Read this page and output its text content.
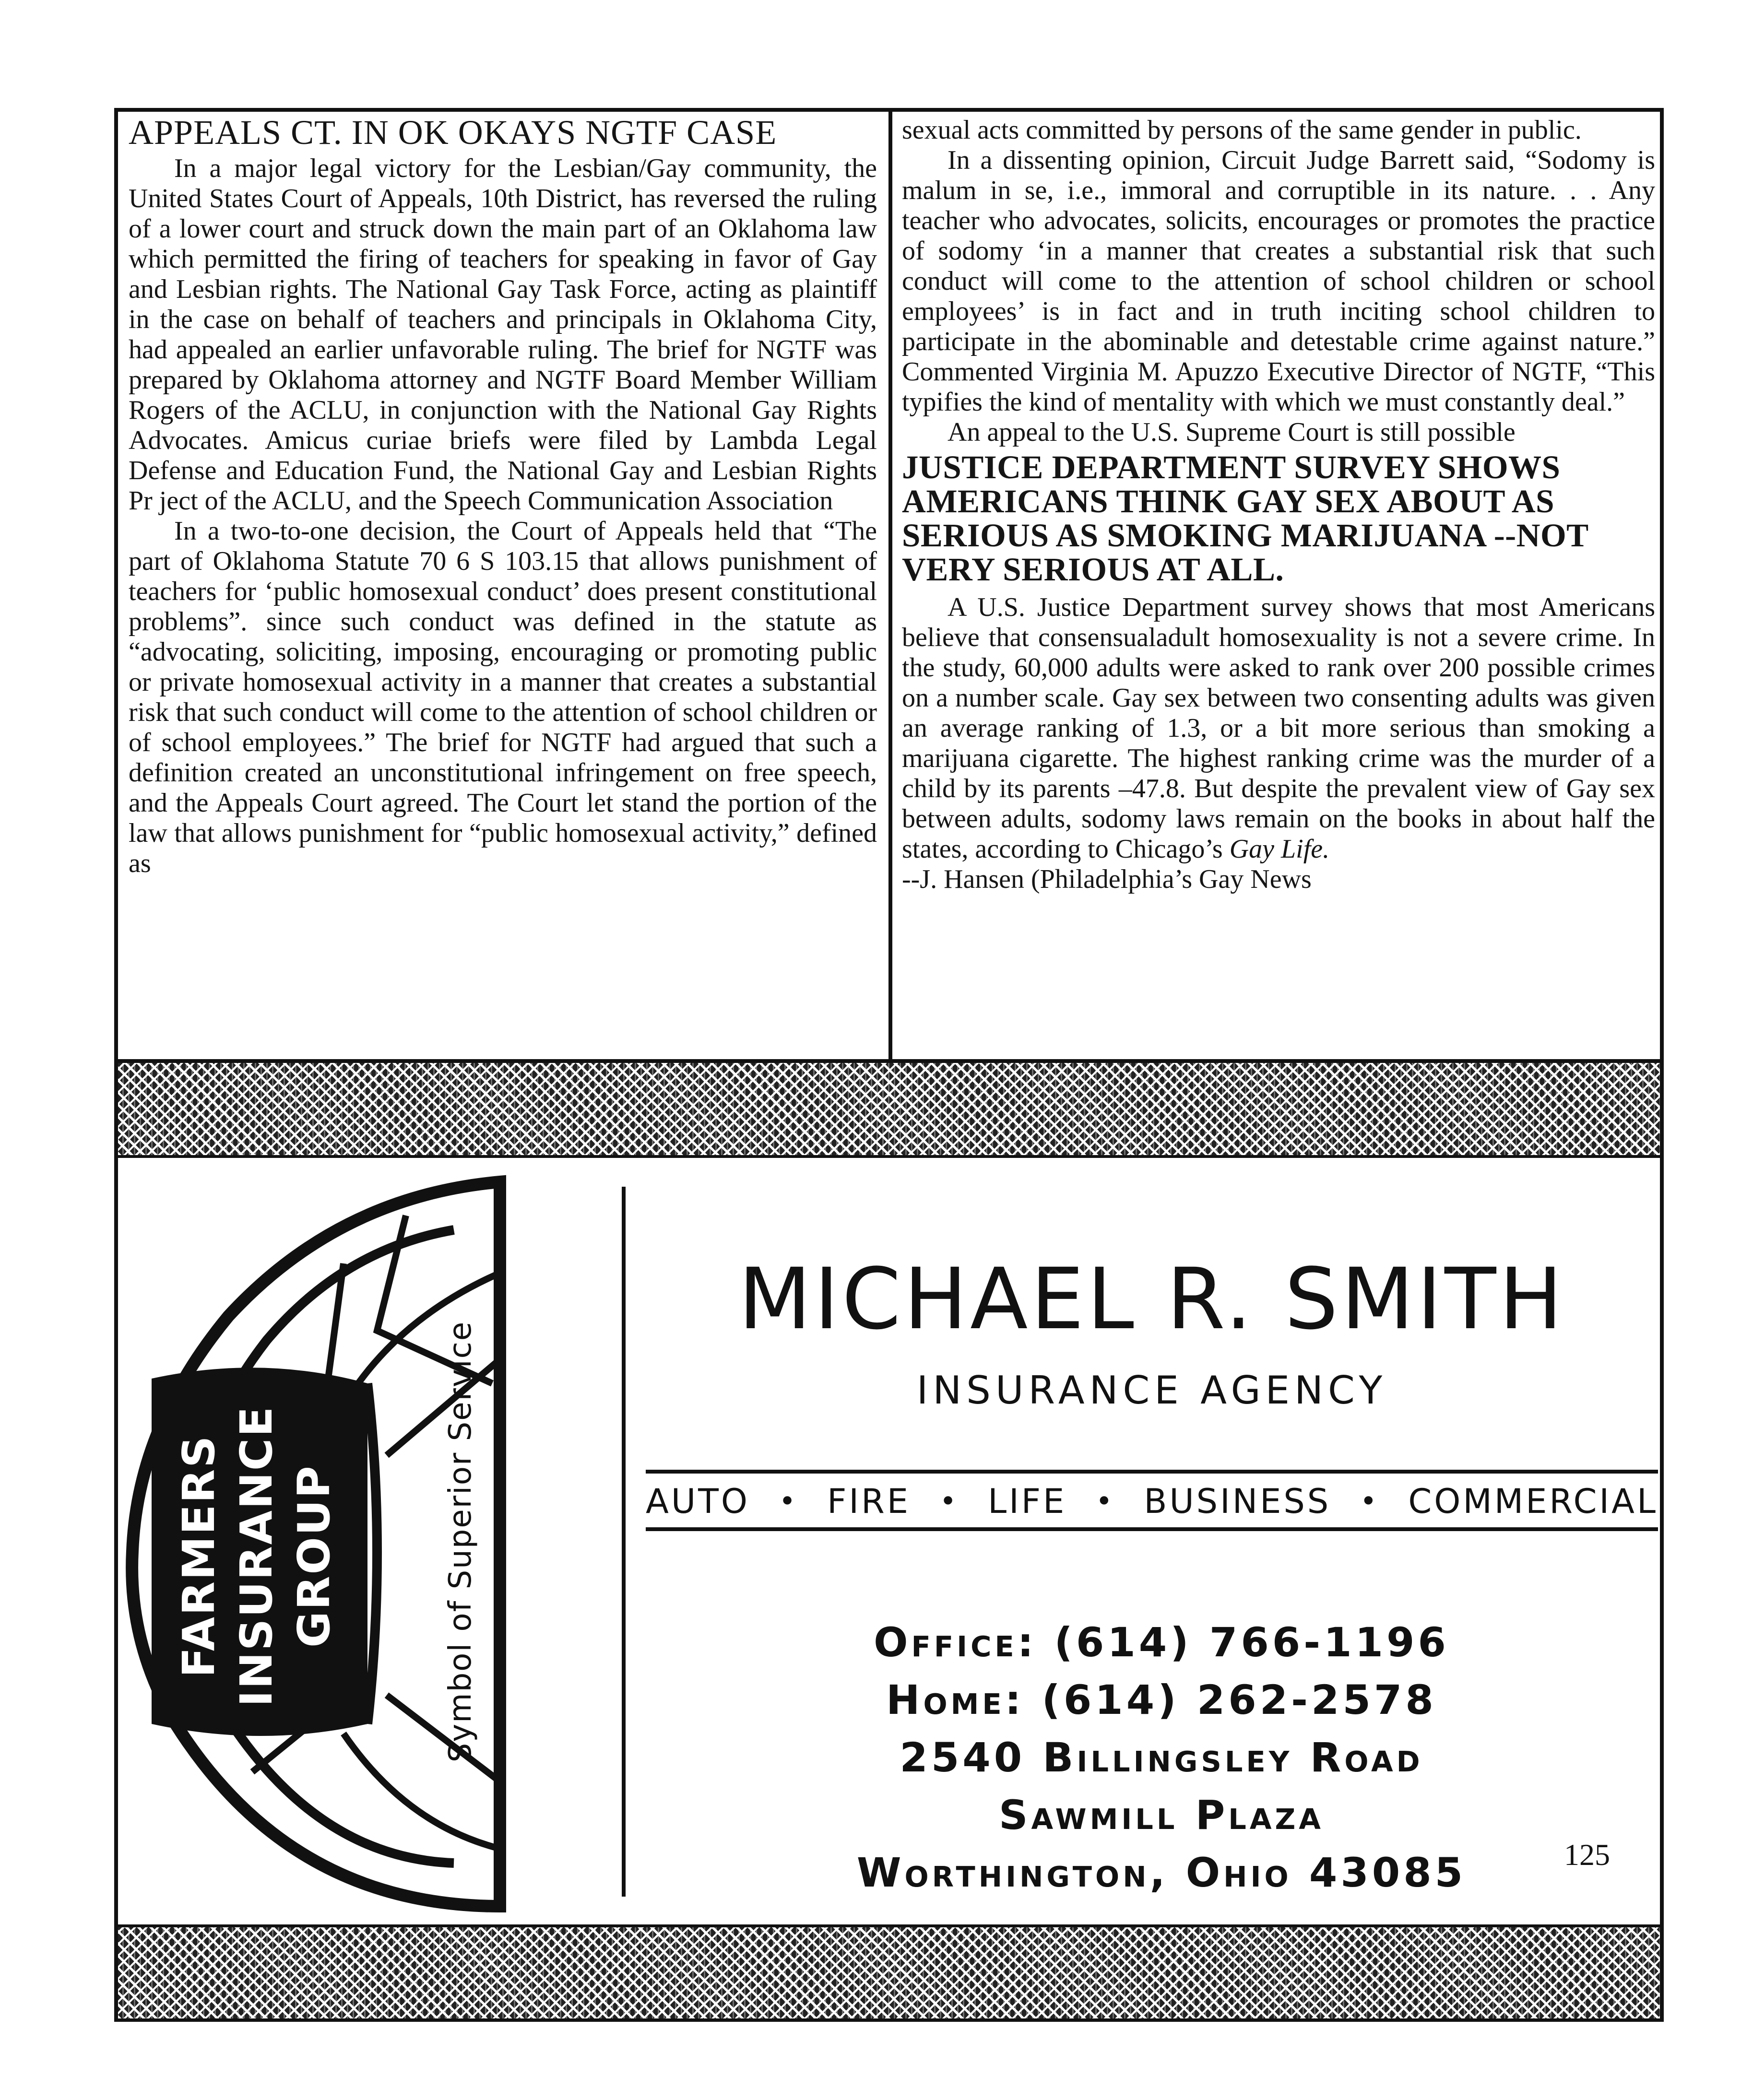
APPEALS CT. IN OK OKAYS NGTF CASE

In a major legal victory for the Lesbian/Gay community, the United States Court of Appeals, 10th District, has reversed the ruling of a lower court and struck down the main part of an Oklahoma law which permitted the firing of teachers for speaking in favor of Gay and Lesbian rights. The National Gay Task Force, acting as plaintiff in the case on behalf of teachers and principals in Oklahoma City, had appealed an earlier unfavorable ruling. The brief for NGTF was prepared by Oklahoma attorney and NGTF Board Member William Rogers of the ACLU, in conjunction with the National Gay Rights Advocates. Amicus curiae briefs were filed by Lambda Legal Defense and Education Fund, the National Gay and Lesbian Rights Pr ject of the ACLU, and the Speech Communication Association

In a two-to-one decision, the Court of Appeals held that “The part of Oklahoma Statute 70 6 S 103.15 that allows punishment of teachers for ‘public homosexual conduct’ does present constitutional problems”. since such conduct was defined in the statute as “advocating, soliciting, imposing, encouraging or promoting public or private homosexual activity in a manner that creates a substantial risk that such conduct will come to the attention of school children or of school employees.” The brief for NGTF had argued that such a definition created an unconstitutional infringement on free speech, and the Appeals Court agreed. The Court let stand the portion of the law that allows punishment for “public homosexual activity,” defined as

sexual acts committed by persons of the same gender in public.

In a dissenting opinion, Circuit Judge Barrett said, “Sodomy is malum in se, i.e., immoral and corruptible in its nature. . . Any teacher who advocates, solicits, encourages or promotes the practice of sodomy ‘in a manner that creates a substantial risk that such conduct will come to the attention of school children or school employees’ is in fact and in truth inciting school children to participate in the abominable and detestable crime against nature.” Commented Virginia M. Apuzzo Executive Director of NGTF, “This typifies the kind of mentality with which we must constantly deal.”

An appeal to the U.S. Supreme Court is still possible

JUSTICE DEPARTMENT SURVEY SHOWS AMERICANS THINK GAY SEX ABOUT AS SERIOUS AS SMOKING MARIJUANA --NOT VERY SERIOUS AT ALL.

A U.S. Justice Department survey shows that most Americans believe that consensualadult homosexuality is not a severe crime. In the study, 60,000 adults were asked to rank over 200 possible crimes on a number scale. Gay sex between two consenting adults was given an average ranking of 1.3, or a bit more serious than smoking a marijuana cigarette. The highest ranking crime was the murder of a child by its parents –47.8. But despite the prevalent view of Gay sex between adults, sodomy laws remain on the books in about half the states, according to Chicago’s Gay Life.

--J. Hansen (Philadelphia’s Gay News

FARMERS INSURANCE GROUP	Symbol of Superior Service
MICHAEL R. SMITH
INSURANCE AGENCY
AUTO • FIRE • LIFE • BUSINESS • COMMERCIAL
Office: (614) 766-1196
Home: (614) 262-2578
2540 Billingsley Road
Sawmill Plaza
Worthington, Ohio 43085	125
